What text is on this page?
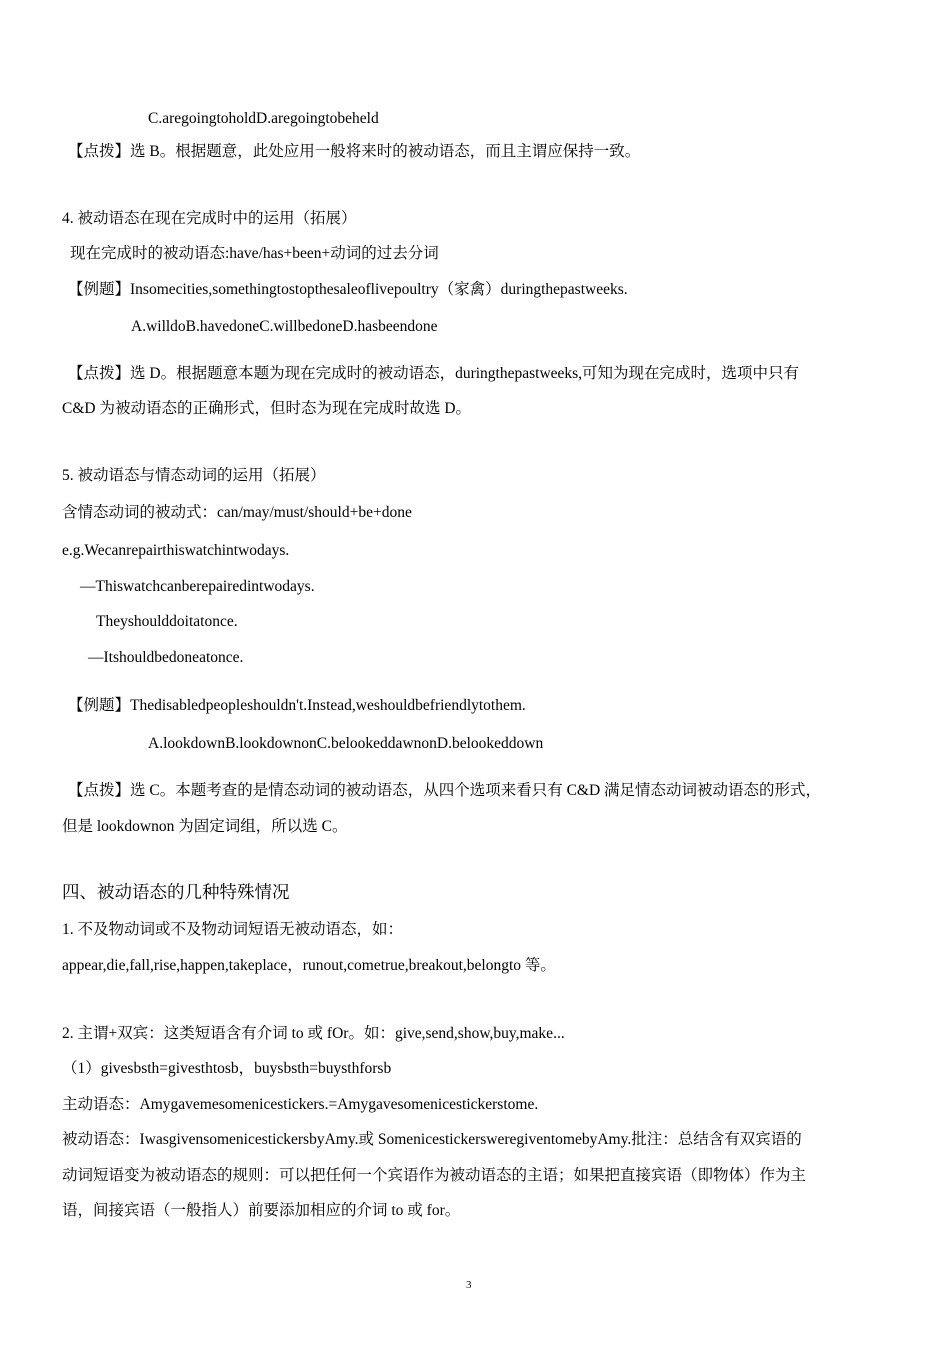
C.aregoingtoholdD.aregoingtobeheld
【点拨】选 B。根据题意，此处应用一般将来时的被动语态，而且主谓应保持一致。
4. 被动语态在现在完成时中的运用（拓展）
现在完成时的被动语态:have/has+been+动词的过去分词
【例题】Insomecities,somethingtostopthesaleoflivepoultry（家禽）duringthepastweeks.
A.willdoB.havedoneC.willbedoneD.hasbeendone
【点拨】选 D。根据题意本题为现在完成时的被动语态，duringthepastweeks,可知为现在完成时，选项中只有
C&D 为被动语态的正确形式，但时态为现在完成时故选 D。
5. 被动语态与情态动词的运用（拓展）
含情态动词的被动式：can/may/must/should+be+done
e.g.Wecanrepairthiswatchintwodays.
—Thiswatchcanberepairedintwodays.
Theyshoulddoitatonce.
—Itshouldbedoneatonce.
【例题】Thedisabledpeopleshouldn't.Instead,weshouldbefriendlytothem.
A.lookdownB.lookdownonC.belookeddawnonD.belookeddown
【点拨】选 C。本题考查的是情态动词的被动语态，从四个选项来看只有 C&D 满足情态动词被动语态的形式，
但是 lookdownon 为固定词组，所以选 C。
四、被动语态的几种特殊情况
1. 不及物动词或不及物动词短语无被动语态，如：
appear,die,fall,rise,happen,takeplace，runout,cometrue,breakout,belongto 等。
2. 主谓+双宾：这类短语含有介词 to 或 fOr。如：give,send,show,buy,make...
（1）givesbsth=givesthtosb，buysbsth=buysthforsb
主动语态：Amygavemesomenicestickers.=Amygavesomenicestickerstome.
被动语态：IwasgivensomenicestickersbyAmy.或 SomenicestickersweregiventomebyAmy.批注：总结含有双宾语的
动词短语变为被动语态的规则：可以把任何一个宾语作为被动语态的主语；如果把直接宾语（即物体）作为主
语，间接宾语（一般指人）前要添加相应的介词 to 或 for。
3
